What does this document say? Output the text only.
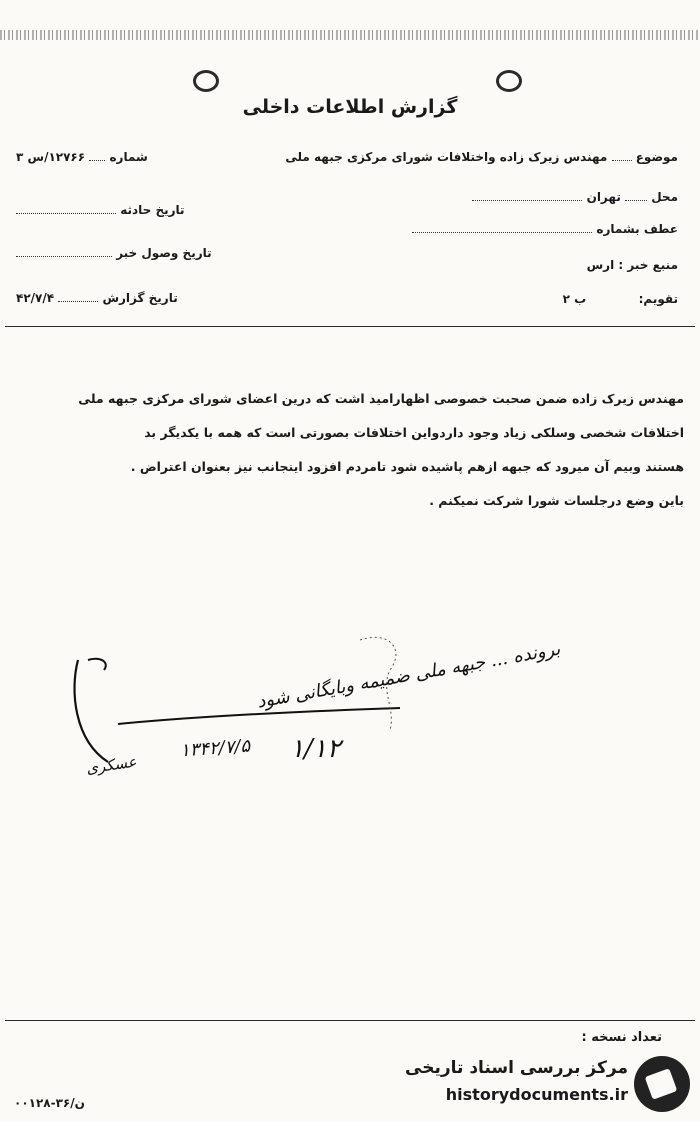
گزارش اطلاعات داخلی
موضوع  مهندس زیرک زاده واختلافات شورای مرکزی جبهه ملی
محل  تهران
عطف بشماره
منبع خبر : ارس
تقویم:  ب ۲
شماره  ۱۲۷۶۶/س ۳
تاریخ حادثه
تاریخ وصول خبر
تاریخ گزارش  ۴۲/۷/۴

مهندس زیرک زاده ضمن صحبت خصوصی اظهارامید اشت که درین اعضای شورای مرکزی جبهه ملی

اختلافات شخصی وسلکی زیاد وجود داردواین اختلافات بصورتی است که همه با یکدیگر بد

هستند وبیم آن میرود که جبهه ازهم پاشیده شود تامردم افزود اینجانب نیز بعنوان اعتراض .

باین وضع درجلسات شورا شرکت نمیکنم .

برونده ... جبهه ملی ضمیمه وبایگانی شود
۱۳۴۲/۷/۵ ۱/۱۲
عسکری
تعداد نسخه :
۰۰۱۲۸-۳۶/ن
مرکز بررسی اسناد تاریخی
historydocuments.ir
